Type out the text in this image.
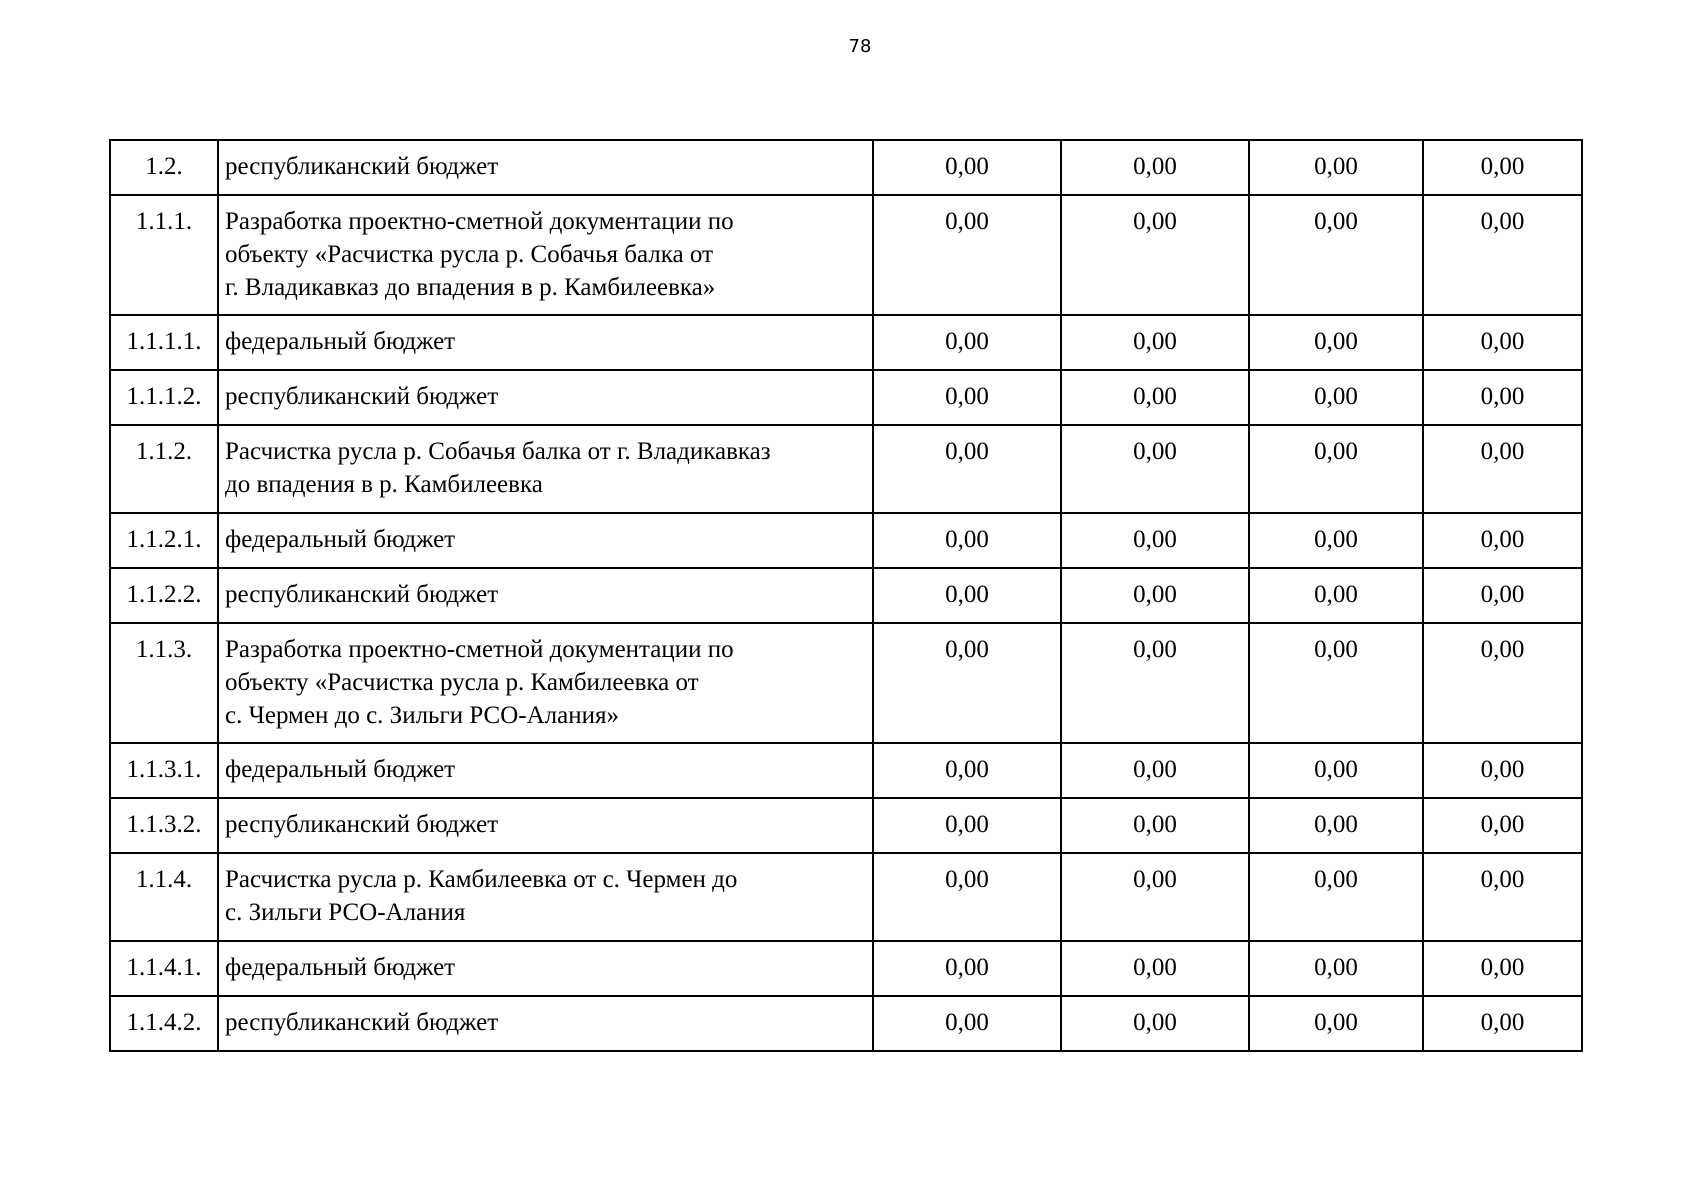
78
1.2.	республиканский бюджет	0,00	0,00	0,00	0,00
1.1.1.	Разработка проектно-сметной документации по
объекту «Расчистка русла р. Собачья балка от
г. Владикавказ до впадения в р. Камбилеевка»	0,00	0,00	0,00	0,00
1.1.1.1.	федеральный бюджет	0,00	0,00	0,00	0,00
1.1.1.2.	республиканский бюджет	0,00	0,00	0,00	0,00
1.1.2.	Расчистка русла р. Собачья балка от г. Владикавказ
до впадения в р. Камбилеевка	0,00	0,00	0,00	0,00
1.1.2.1.	федеральный бюджет	0,00	0,00	0,00	0,00
1.1.2.2.	республиканский бюджет	0,00	0,00	0,00	0,00
1.1.3.	Разработка проектно-сметной документации по
объекту «Расчистка русла р. Камбилеевка от
с. Чермен до с. Зильги РСО-Алания»	0,00	0,00	0,00	0,00
1.1.3.1.	федеральный бюджет	0,00	0,00	0,00	0,00
1.1.3.2.	республиканский бюджет	0,00	0,00	0,00	0,00
1.1.4.	Расчистка русла р. Камбилеевка от с. Чермен до
с. Зильги РСО-Алания	0,00	0,00	0,00	0,00
1.1.4.1.	федеральный бюджет	0,00	0,00	0,00	0,00
1.1.4.2.	республиканский бюджет	0,00	0,00	0,00	0,00
